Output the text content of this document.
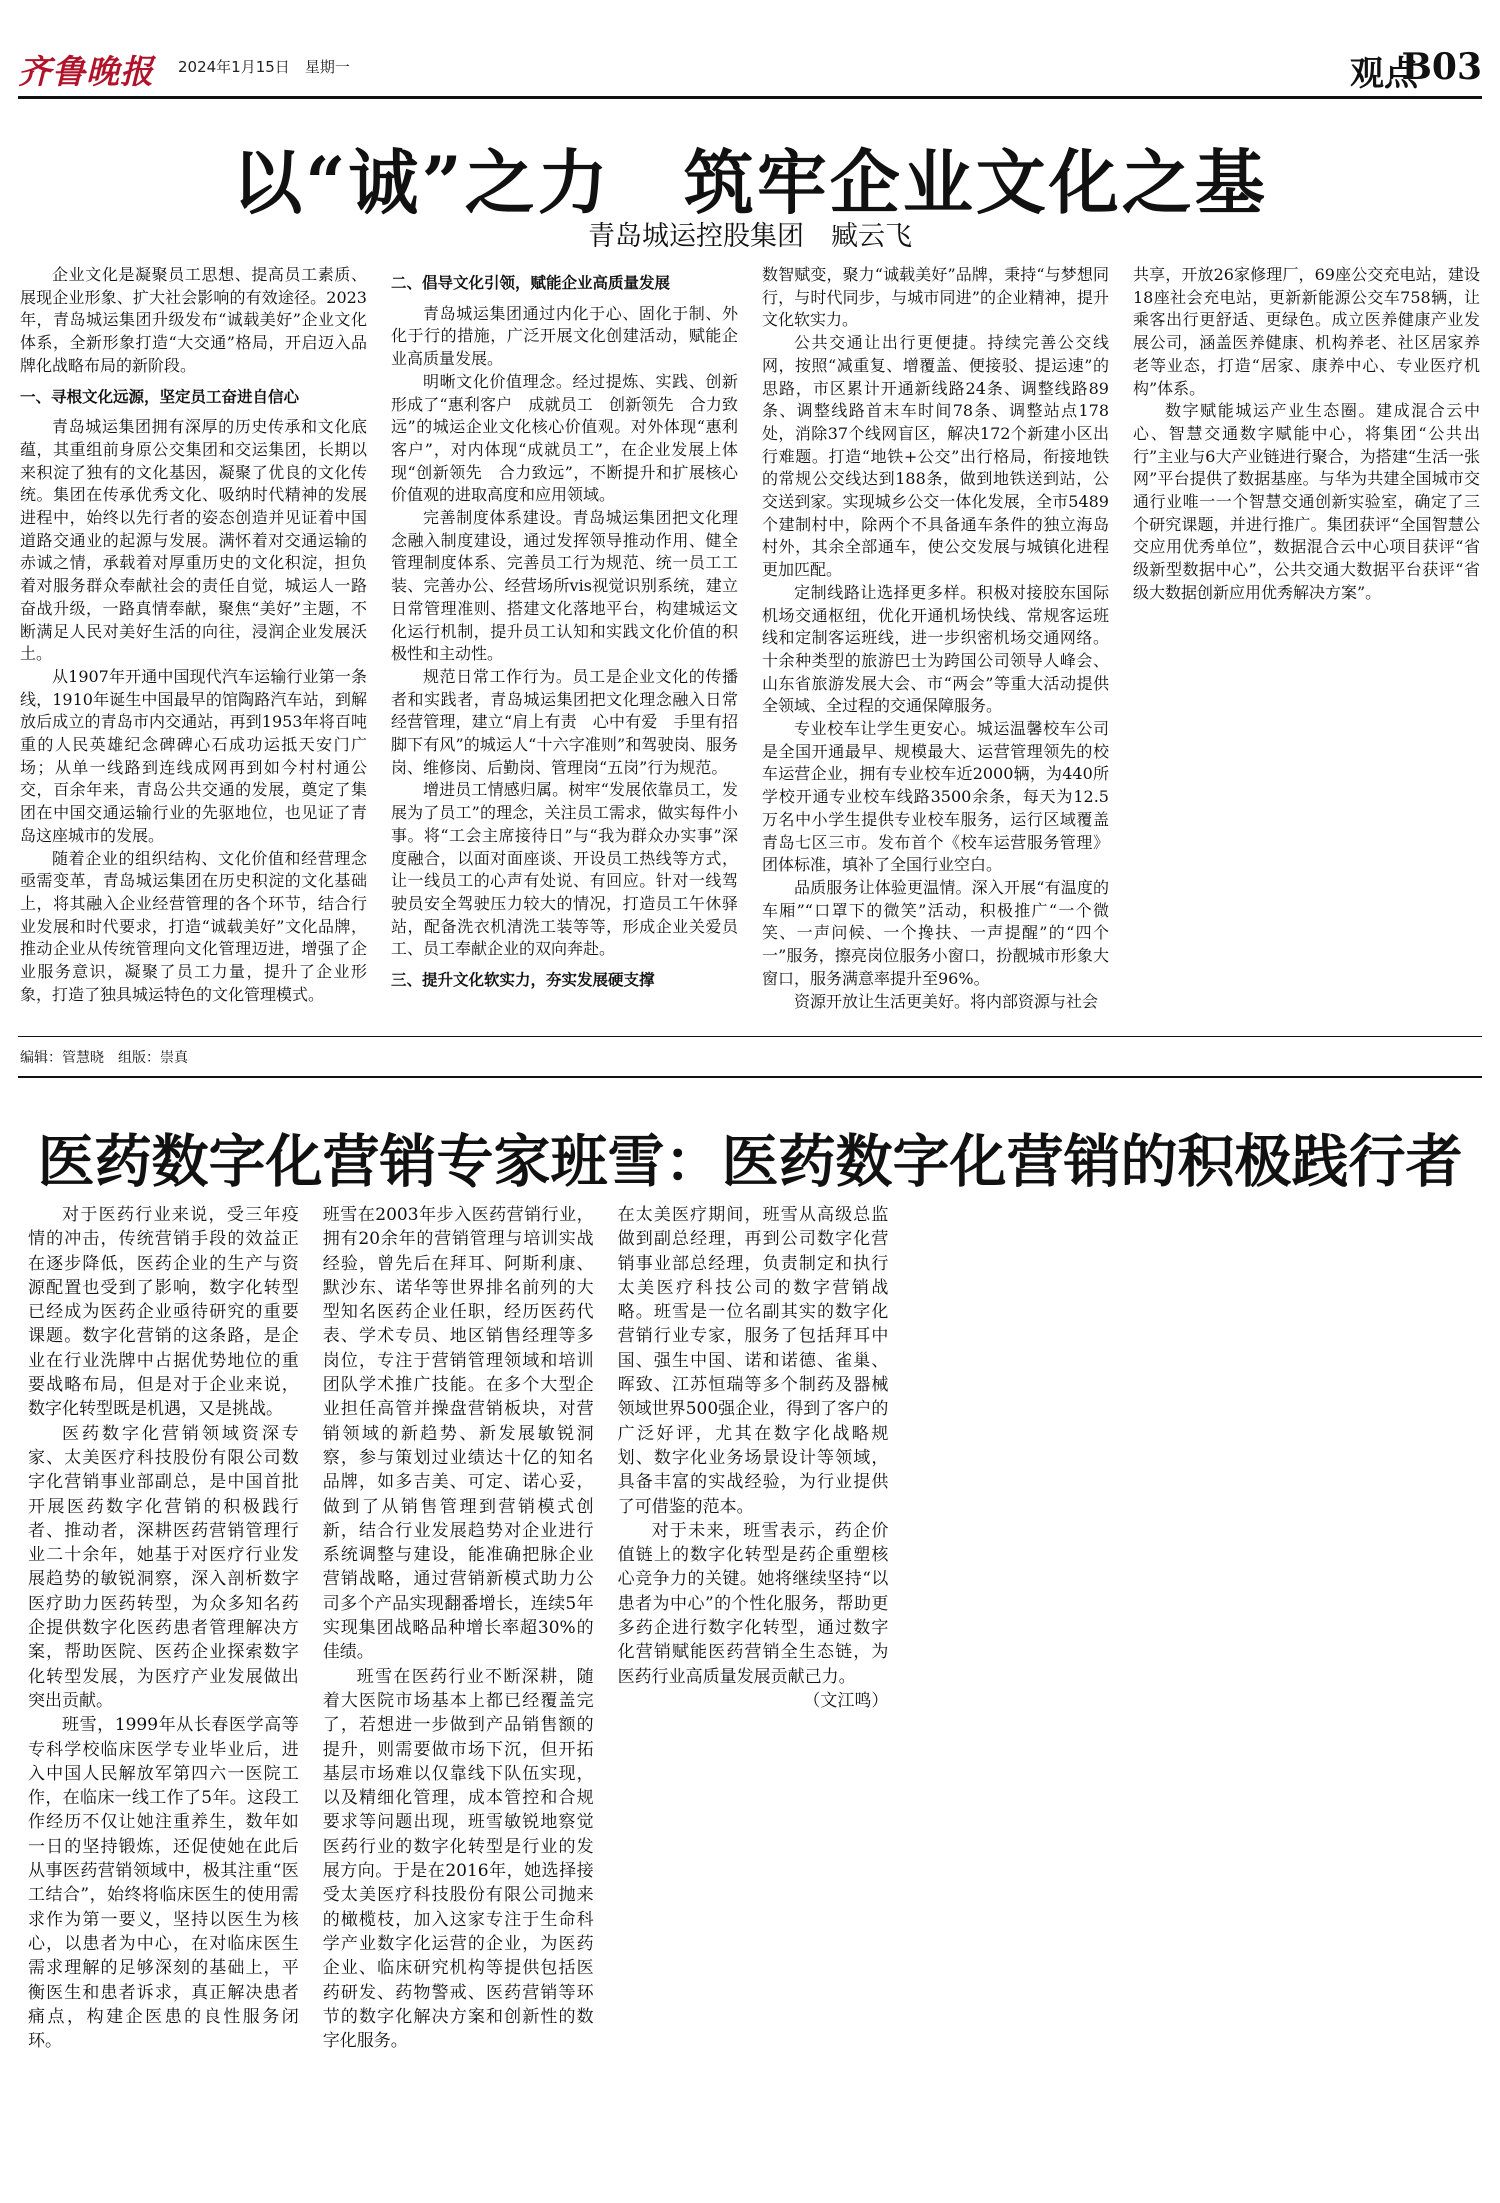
齐鲁晚报 2024年1月15日　 星期一	观点
B03
以“诚”之力　筑牢企业文化之基
青岛城运控股集团　臧云飞

企业文化是凝聚员工思想、提高员工素质、展现企业形象、扩大社会影响的有效途径。2023年，青岛城运集团升级发布“诚载美好”企业文化体系，全新形象打造“大交通”格局，开启迈入品牌化战略布局的新阶段。

一、寻根文化远源，坚定员工奋进自信心

青岛城运集团拥有深厚的历史传承和文化底蕴，其重组前身原公交集团和交运集团，长期以来积淀了独有的文化基因，凝聚了优良的文化传统。集团在传承优秀文化、吸纳时代精神的发展进程中，始终以先行者的姿态创造并见证着中国道路交通业的起源与发展。满怀着对交通运输的赤诚之情，承载着对厚重历史的文化积淀，担负着对服务群众奉献社会的责任自觉，城运人一路奋战升级，一路真情奉献，聚焦“美好”主题，不断满足人民对美好生活的向往，浸润企业发展沃土。

从1907年开通中国现代汽车运输行业第一条线，1910年诞生中国最早的馆陶路汽车站，到解放后成立的青岛市内交通站，再到1953年将百吨重的人民英雄纪念碑碑心石成功运抵天安门广场；从单一线路到连线成网再到如今村村通公交，百余年来，青岛公共交通的发展，奠定了集团在中国交通运输行业的先驱地位，也见证了青岛这座城市的发展。

随着企业的组织结构、文化价值和经营理念亟需变革，青岛城运集团在历史积淀的文化基础上，将其融入企业经营管理的各个环节，结合行业发展和时代要求，打造“诚载美好”文化品牌，推动企业从传统管理向文化管理迈进，增强了企业服务意识，凝聚了员工力量，提升了企业形象，打造了独具城运特色的文化管理模式。

二、倡导文化引领，赋能企业高质量发展

青岛城运集团通过内化于心、固化于制、外化于行的措施，广泛开展文化创建活动，赋能企业高质量发展。

明晰文化价值理念。经过提炼、实践、创新形成了“惠利客户　成就员工　创新领先　合力致远”的城运企业文化核心价值观。对外体现“惠利客户”，对内体现“成就员工”，在企业发展上体现“创新领先　合力致远”，不断提升和扩展核心价值观的进取高度和应用领域。

完善制度体系建设。青岛城运集团把文化理念融入制度建设，通过发挥领导推动作用、健全管理制度体系、完善员工行为规范、统一员工工装、完善办公、经营场所vis视觉识别系统，建立日常管理准则、搭建文化落地平台，构建城运文化运行机制，提升员工认知和实践文化价值的积极性和主动性。

规范日常工作行为。员工是企业文化的传播者和实践者，青岛城运集团把文化理念融入日常经营管理，建立“肩上有责　心中有爱　手里有招　脚下有风”的城运人“十六字准则”和驾驶岗、服务岗、维修岗、后勤岗、管理岗“五岗”行为规范。

增进员工情感归属。树牢“发展依靠员工，发展为了员工”的理念，关注员工需求，做实每件小事。将“工会主席接待日”与“我为群众办实事”深度融合，以面对面座谈、开设员工热线等方式，让一线员工的心声有处说、有回应。针对一线驾驶员安全驾驶压力较大的情况，打造员工午休驿站，配备洗衣机清洗工装等等，形成企业关爱员工、员工奉献企业的双向奔赴。

三、提升文化软实力，夯实发展硬支撑

数智赋变，聚力“诚载美好”品牌，秉持“与梦想同行，与时代同步，与城市同进”的企业精神，提升文化软实力。

公共交通让出行更便捷。持续完善公交线网，按照“减重复、增覆盖、便接驳、提运速”的思路，市区累计开通新线路24条、调整线路89条、调整线路首末车时间78条、调整站点178处，消除37个线网盲区，解决172个新建小区出行难题。打造“地铁+公交”出行格局，衔接地铁的常规公交线达到188条，做到地铁送到站，公交送到家。实现城乡公交一体化发展，全市5489个建制村中，除两个不具备通车条件的独立海岛村外，其余全部通车，使公交发展与城镇化进程更加匹配。

定制线路让选择更多样。积极对接胶东国际机场交通枢纽，优化开通机场快线、常规客运班线和定制客运班线，进一步织密机场交通网络。十余种类型的旅游巴士为跨国公司领导人峰会、山东省旅游发展大会、市“两会”等重大活动提供全领域、全过程的交通保障服务。

专业校车让学生更安心。城运温馨校车公司是全国开通最早、规模最大、运营管理领先的校车运营企业，拥有专业校车近2000辆，为440所学校开通专业校车线路3500余条，每天为12.5万名中小学生提供专业校车服务，运行区域覆盖青岛七区三市。发布首个《校车运营服务管理》团体标准，填补了全国行业空白。

品质服务让体验更温情。深入开展“有温度的车厢”“口罩下的微笑”活动，积极推广“一个微笑、一声问候、一个搀扶、一声提醒”的“四个一”服务，擦亮岗位服务小窗口，扮靓城市形象大窗口，服务满意率提升至96%。

资源开放让生活更美好。将内部资源与社会

共享，开放26家修理厂，69座公交充电站，建设18座社会充电站，更新新能源公交车758辆，让乘客出行更舒适、更绿色。成立医养健康产业发展公司，涵盖医养健康、机构养老、社区居家养老等业态，打造“居家、康养中心、专业医疗机构”体系。

数字赋能城运产业生态圈。建成混合云中心、智慧交通数字赋能中心，将集团“公共出行”主业与6大产业链进行聚合，为搭建“生活一张网”平台提供了数据基座。与华为共建全国城市交通行业唯一一个智慧交通创新实验室，确定了三个研究课题，并进行推广。集团获评“全国智慧公交应用优秀单位”，数据混合云中心项目获评“省级新型数据中心”，公共交通大数据平台获评“省级大数据创新应用优秀解决方案”。

编辑：管慧晓　组版：崇真
医药数字化营销专家班雪：医药数字化营销的积极践行者

对于医药行业来说，受三年疫情的冲击，传统营销手段的效益正在逐步降低，医药企业的生产与资源配置也受到了影响，数字化转型已经成为医药企业亟待研究的重要课题。数字化营销的这条路，是企业在行业洗牌中占据优势地位的重要战略布局，但是对于企业来说，数字化转型既是机遇，又是挑战。

医药数字化营销领域资深专家、太美医疗科技股份有限公司数字化营销事业部副总，是中国首批开展医药数字化营销的积极践行者、推动者，深耕医药营销管理行业二十余年，她基于对医疗行业发展趋势的敏锐洞察，深入剖析数字医疗助力医药转型，为众多知名药企提供数字化医药患者管理解决方案，帮助医院、医药企业探索数字化转型发展，为医疗产业发展做出突出贡献。

班雪，1999年从长春医学高等专科学校临床医学专业毕业后，进入中国人民解放军第四六一医院工作，在临床一线工作了5年。这段工作经历不仅让她注重养生，数年如一日的坚持锻炼，还促使她在此后从事医药营销领域中，极其注重“医工结合”，始终将临床医生的使用需求作为第一要义，坚持以医生为核心，以患者为中心，在对临床医生需求理解的足够深刻的基础上，平衡医生和患者诉求，真正解决患者痛点，构建企医患的良性服务闭环。

班雪在2003年步入医药营销行业，拥有20余年的营销管理与培训实战经验，曾先后在拜耳、阿斯利康、默沙东、诺华等世界排名前列的大型知名医药企业任职，经历医药代表、学术专员、地区销售经理等多岗位，专注于营销管理领域和培训团队学术推广技能。在多个大型企业担任高管并操盘营销板块，对营销领域的新趋势、新发展敏锐洞察，参与策划过业绩达十亿的知名品牌，如多吉美、可定、诺心妥，做到了从销售管理到营销模式创新，结合行业发展趋势对企业进行系统调整与建设，能准确把脉企业营销战略，通过营销新模式助力公司多个产品实现翻番增长，连续5年实现集团战略品种增长率超30%的佳绩。

班雪在医药行业不断深耕，随着大医院市场基本上都已经覆盖完了，若想进一步做到产品销售额的提升，则需要做市场下沉，但开拓基层市场难以仅靠线下队伍实现，以及精细化管理，成本管控和合规要求等问题出现，班雪敏锐地察觉医药行业的数字化转型是行业的发展方向。于是在2016年，她选择接受太美医疗科技股份有限公司抛来的橄榄枝，加入这家专注于生命科学产业数字化运营的企业，为医药企业、临床研究机构等提供包括医药研发、药物警戒、医药营销等环节的数字化解决方案和创新性的数字化服务。

在太美医疗期间，班雪从高级总监做到副总经理，再到公司数字化营销事业部总经理，负责制定和执行太美医疗科技公司的数字营销战略。班雪是一位名副其实的数字化营销行业专家，服务了包括拜耳中国、强生中国、诺和诺德、雀巢、晖致、江苏恒瑞等多个制药及器械领域世界500强企业，得到了客户的广泛好评，尤其在数字化战略规划、数字化业务场景设计等领域，具备丰富的实战经验，为行业提供了可借鉴的范本。

对于未来，班雪表示，药企价值链上的数字化转型是药企重塑核心竞争力的关键。她将继续坚持“以患者为中心”的个性化服务，帮助更多药企进行数字化转型，通过数字化营销赋能医药营销全生态链，为医药行业高质量发展贡献己力。

（文江鸣）
